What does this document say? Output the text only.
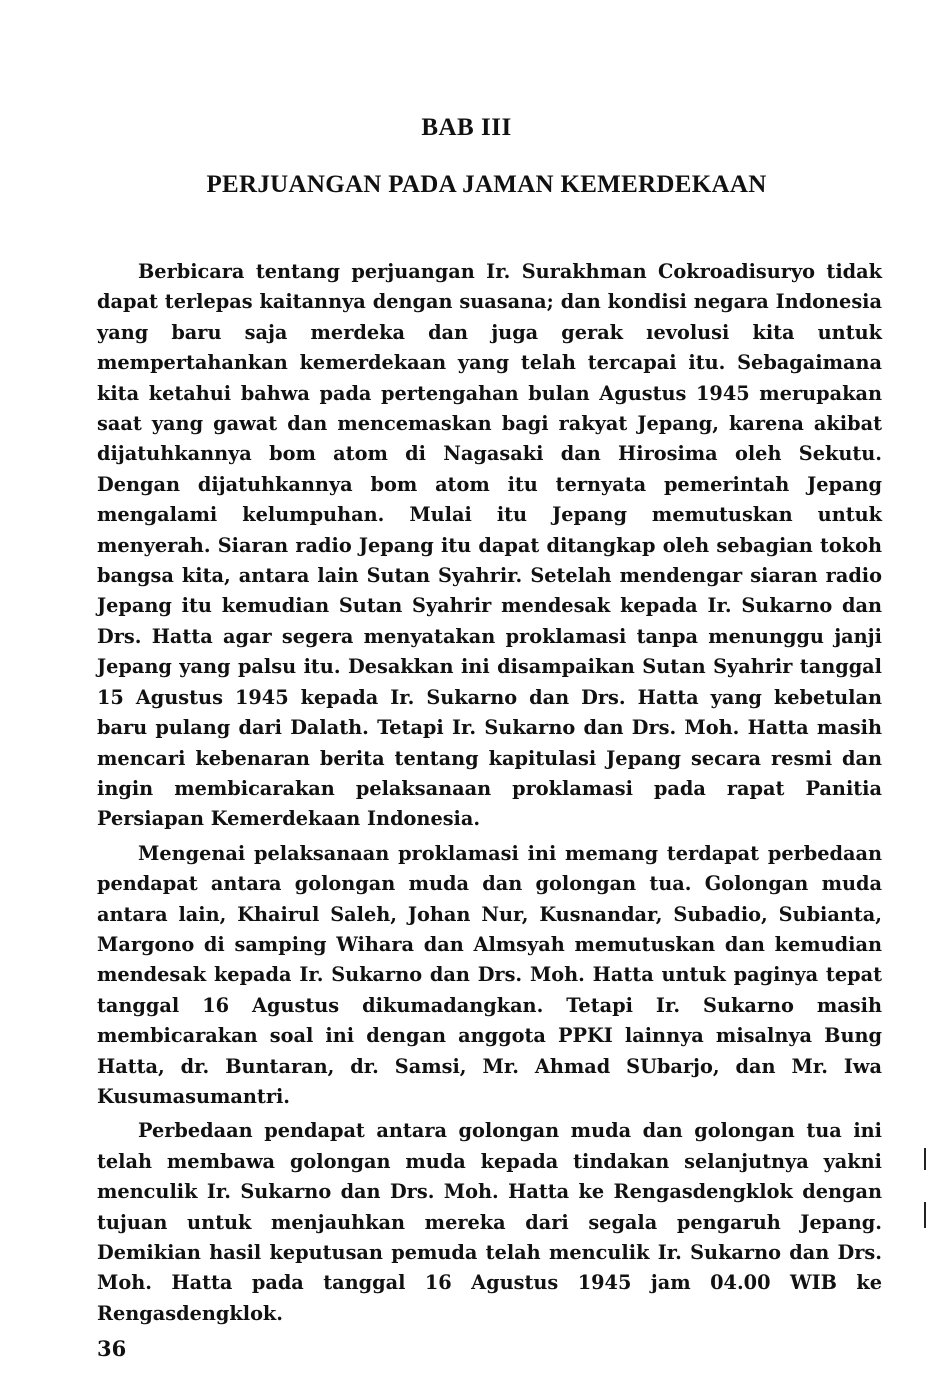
BAB III
PERJUANGAN PADA JAMAN KEMERDEKAAN

Berbicara tentang perjuangan Ir. Surakhman Cokroadisuryo tidak dapat terlepas kaitannya dengan suasana; dan kondisi negara Indonesia yang baru saja merdeka dan juga gerak ıevolusi kita untuk mempertahankan kemerdekaan yang telah tercapai itu. Sebagaimana kita ketahui bahwa pada pertengahan bulan Agustus 1945 merupakan saat yang gawat dan mencemaskan bagi rakyat Jepang, karena akibat dijatuhkannya bom atom di Nagasaki dan Hirosima oleh Sekutu. Dengan dijatuhkannya bom atom itu ternyata pemerintah Jepang mengalami kelumpuhan. Mulai itu Jepang memutuskan untuk menyerah. Siaran radio Jepang itu dapat ditangkap oleh sebagian tokoh bangsa kita, antara lain Sutan Syahrir. Setelah mendengar siaran radio Jepang itu kemudian Sutan Syahrir mendesak kepada Ir. Sukarno dan Drs. Hatta agar segera menyatakan proklamasi tanpa menunggu janji Jepang yang palsu itu. Desakkan ini disampaikan Sutan Syahrir tanggal 15 Agustus 1945 kepada Ir. Sukarno dan Drs. Hatta yang kebetulan baru pulang dari Dalath. Tetapi Ir. Sukarno dan Drs. Moh. Hatta masih mencari kebenaran berita tentang kapitulasi Jepang secara resmi dan ingin membicarakan pelaksanaan proklamasi pada rapat Panitia Persiapan Kemerdekaan Indonesia.

Mengenai pelaksanaan proklamasi ini memang terdapat perbedaan pendapat antara golongan muda dan golongan tua. Golongan muda antara lain, Khairul Saleh, Johan Nur, Kusnandar, Subadio, Subianta, Margono di samping Wihara dan Almsyah memutuskan dan kemudian mendesak kepada Ir. Sukarno dan Drs. Moh. Hatta untuk paginya tepat tanggal 16 Agustus dikumadangkan. Tetapi Ir. Sukarno masih membicarakan soal ini dengan anggota PPKI lainnya misalnya Bung Hatta, dr. Buntaran, dr. Samsi, Mr. Ahmad SUbarjo, dan Mr. Iwa Kusumasumantri.

Perbedaan pendapat antara golongan muda dan golongan tua ini telah membawa golongan muda kepada tindakan selanjutnya yakni menculik Ir. Sukarno dan Drs. Moh. Hatta ke Rengasdengklok dengan tujuan untuk menjauhkan mereka dari segala pengaruh Jepang. Demikian hasil keputusan pemuda telah menculik Ir. Sukarno dan Drs. Moh. Hatta pada tanggal 16 Agustus 1945 jam 04.00 WIB ke Rengasdengklok.

36
